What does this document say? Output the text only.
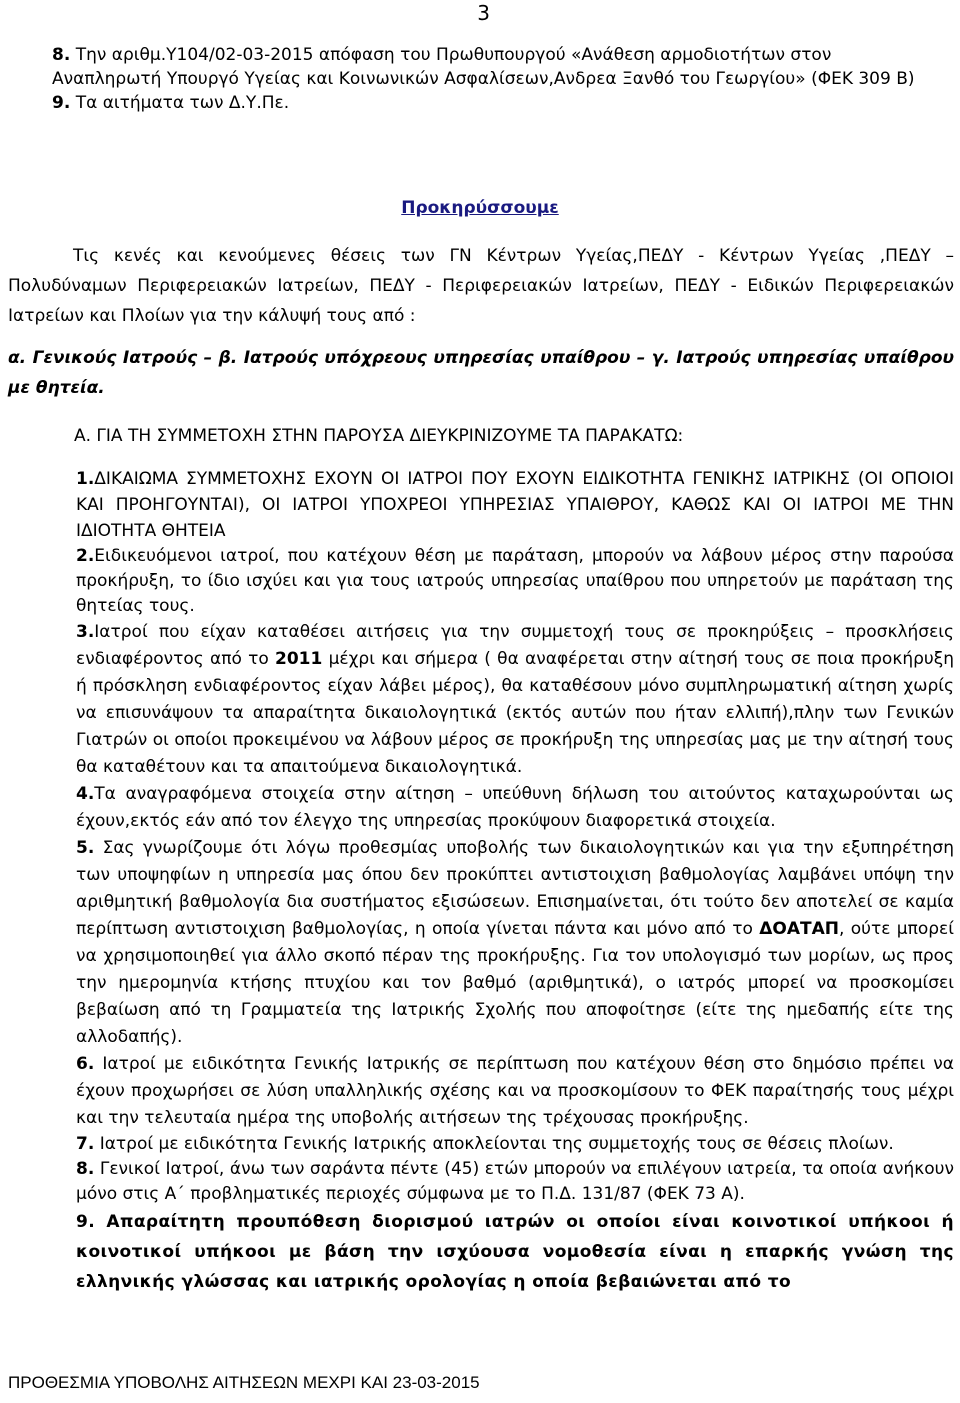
3

8. Την αριθμ.Υ104/02-03-2015 απόφαση του Πρωθυπουργού «Ανάθεση αρμοδιοτήτων στον Αναπληρωτή Υπουργό Υγείας και Κοινωνικών Ασφαλίσεων,Ανδρεα Ξανθό του Γεωργίου» (ΦΕΚ 309 Β)

9. Τα αιτήματα των Δ.Υ.Πε.

Προκηρύσσουμε
Τις κενές και κενούμενες θέσεις των ΓΝ Κέντρων Υγείας,ΠΕΔΥ - Κέντρων Υγείας ,ΠΕΔΥ – Πολυδύναμων Περιφερειακών Ιατρείων, ΠΕΔΥ - Περιφερειακών Ιατρείων, ΠΕΔΥ - Ειδικών Περιφερειακών Ιατρείων και Πλοίων για την κάλυψή τους από :
α. Γενικούς Ιατρούς – β. Ιατρούς υπόχρεους υπηρεσίας υπαίθρου – γ. Ιατρούς υπηρεσίας υπαίθρου με θητεία.
Α. ΓΙΑ ΤΗ ΣΥΜΜΕΤΟΧΗ ΣΤΗΝ ΠΑΡΟΥΣΑ ΔΙΕΥΚΡΙΝΙΖΟΥΜΕ ΤΑ ΠΑΡΑΚΑΤΩ:

1.ΔΙΚΑΙΩΜΑ ΣΥΜΜΕΤΟΧΗΣ ΕΧΟΥΝ ΟΙ ΙΑΤΡΟΙ ΠΟΥ ΕΧΟΥΝ ΕΙΔΙΚΟΤΗΤΑ ΓΕΝΙΚΗΣ ΙΑΤΡΙΚΗΣ (ΟΙ ΟΠΟΙΟΙ ΚΑΙ ΠΡΟΗΓΟΥΝΤΑΙ), ΟΙ ΙΑΤΡΟΙ ΥΠΟΧΡΕΟΙ ΥΠΗΡΕΣΙΑΣ ΥΠΑΙΘΡΟΥ, ΚΑΘΩΣ ΚΑΙ ΟΙ ΙΑΤΡΟΙ ΜΕ ΤΗΝ ΙΔΙΟΤΗΤΑ ΘΗΤΕΙΑ

2.Ειδικευόμενοι ιατροί, που κατέχουν θέση με παράταση, μπορούν να λάβουν μέρος στην παρούσα προκήρυξη, το ίδιο ισχύει και για τους ιατρούς υπηρεσίας υπαίθρου που υπηρετούν με παράταση της θητείας τους.

3.Ιατροί που είχαν καταθέσει αιτήσεις για την συμμετοχή τους σε προκηρύξεις – προσκλήσεις ενδιαφέροντος από το 2011 μέχρι και σήμερα ( θα αναφέρεται στην αίτησή τους σε ποια προκήρυξη ή πρόσκληση ενδιαφέροντος είχαν λάβει μέρος), θα καταθέσουν μόνο συμπληρωματική αίτηση χωρίς να επισυνάψουν τα απαραίτητα δικαιολογητικά (εκτός αυτών που ήταν ελλιπή),πλην των Γενικών Γιατρών οι οποίοι προκειμένου να λάβουν μέρος σε προκήρυξη της υπηρεσίας μας με την αίτησή τους θα καταθέτουν και τα απαιτούμενα δικαιολογητικά.

4.Τα αναγραφόμενα στοιχεία στην αίτηση – υπεύθυνη δήλωση του αιτούντος καταχωρούνται ως έχουν,εκτός εάν από τον έλεγχο της υπηρεσίας προκύψουν διαφορετικά στοιχεία.

5. Σας γνωρίζουμε ότι λόγω προθεσμίας υποβολής των δικαιολογητικών και για την εξυπηρέτηση των υποψηφίων η υπηρεσία μας όπου δεν προκύπτει αντιστοιχιση βαθμολογίας λαμβάνει υπόψη την αριθμητική βαθμολογία δια συστήματος εξισώσεων. Επισημαίνεται, ότι τούτο δεν αποτελεί σε καμία περίπτωση αντιστοιχιση βαθμολογίας, η οποία γίνεται πάντα και μόνο από το ΔΟΑΤΑΠ, ούτε μπορεί να χρησιμοποιηθεί για άλλο σκοπό πέραν της προκήρυξης. Για τον υπολογισμό των μορίων, ως προς την ημερομηνία κτήσης πτυχίου και τον βαθμό (αριθμητικά), ο ιατρός μπορεί να προσκομίσει βεβαίωση από τη Γραμματεία της Ιατρικής Σχολής που αποφοίτησε (είτε της ημεδαπής είτε της αλλοδαπής).

6. Ιατροί με ειδικότητα Γενικής Ιατρικής σε περίπτωση που κατέχουν θέση στο δημόσιο πρέπει να έχουν προχωρήσει σε λύση υπαλληλικής σχέσης και να προσκομίσουν το ΦΕΚ παραίτησής τους μέχρι και την τελευταία ημέρα της υποβολής αιτήσεων της τρέχουσας προκήρυξης.

7. Ιατροί με ειδικότητα Γενικής Ιατρικής αποκλείονται της συμμετοχής τους σε θέσεις πλοίων.

8. Γενικοί Ιατροί, άνω των σαράντα πέντε (45) ετών μπορούν να επιλέγουν ιατρεία, τα οποία ανήκουν μόνο στις Α΄ προβληματικές περιοχές σύμφωνα με το Π.Δ. 131/87 (ΦΕΚ 73 Α).

9. Απαραίτητη προυπόθεση διορισμού ιατρών οι οποίοι είναι κοινοτικοί υπήκοοι ή κοινοτικοί υπήκοοι με βάση την ισχύουσα νομοθεσία είναι η επαρκής γνώση της ελληνικής γλώσσας και ιατρικής ορολογίας η οποία βεβαιώνεται από το

ΠΡΟΘΕΣΜΙΑ ΥΠΟΒΟΛΗΣ ΑΙΤΗΣΕΩΝ ΜΕΧΡΙ ΚΑΙ 23-03-2015
